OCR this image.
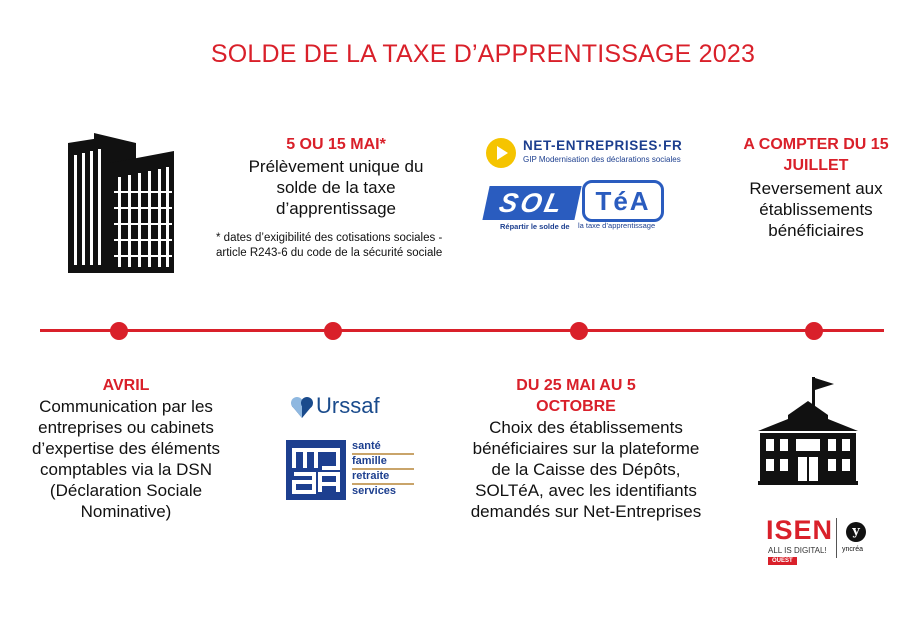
SOLDE DE LA TAXE D’APPRENTISSAGE 2023
5 OU 15 MAI*
Prélèvement unique du solde de la taxe d’apprentissage
* dates d’exigibilité des cotisations sociales - article R243-6 du code de la sécurité sociale
NET-ENTREPRISES·FR
GIP Modernisation des déclarations sociales
SOL	TéA
Répartir le solde de la taxe d’apprentissage
A COMPTER DU 15 JUILLET
Reversement aux établissements bénéficiaires
AVRIL
Communication par les entreprises ou cabinets d’expertise des éléments comptables via la DSN (Déclaration Sociale Nominative)
Urssaf
santé
famille
retraite
services
DU 25 MAI AU 5 OCTOBRE
Choix des établissements bénéficiaires sur la plateforme de la Caisse des Dépôts, SOLTéA, avec les identifiants demandés sur Net-Entreprises
ISEN
ALL IS DIGITAL!
OUEST
y
yncréa
